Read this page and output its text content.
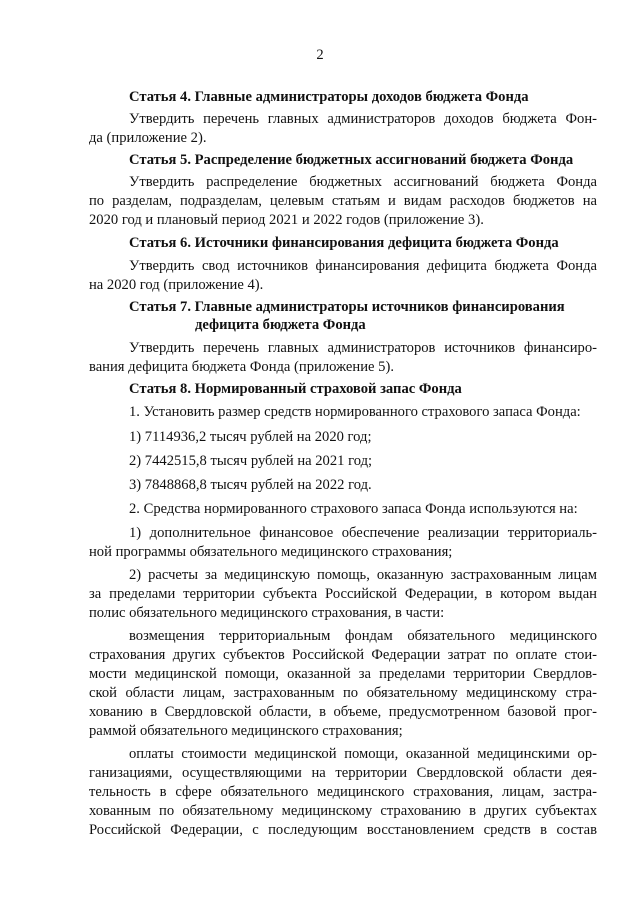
2
Статья 4. Главные администраторы доходов бюджета Фонда
Утвердить перечень главных администраторов доходов бюджета Фон-
да (приложение 2).
Статья 5. Распределение бюджетных ассигнований бюджета Фонда
Утвердить распределение бюджетных ассигнований бюджета Фонда
по разделам, подразделам, целевым статьям и видам расходов бюджетов на
2020 год и плановый период 2021 и 2022 годов (приложение 3).
Статья 6. Источники финансирования дефицита бюджета Фонда
Утвердить свод источников финансирования дефицита бюджета Фонда
на 2020 год (приложение 4).
Статья 7. Главные администраторы источников финансирования
дефицита бюджета Фонда
Утвердить перечень главных администраторов источников финансиро-
вания дефицита бюджета Фонда (приложение 5).
Статья 8. Нормированный страховой запас Фонда
1. Установить размер средств нормированного страхового запаса Фонда:
1) 7114936,2 тысяч рублей на 2020 год;
2) 7442515,8 тысяч рублей на 2021 год;
3) 7848868,8 тысяч рублей на 2022 год.
2. Средства нормированного страхового запаса Фонда используются на:
1) дополнительное финансовое обеспечение реализации территориаль-
ной программы обязательного медицинского страхования;
2) расчеты за медицинскую помощь, оказанную застрахованным лицам
за пределами территории субъекта Российской Федерации, в котором выдан
полис обязательного медицинского страхования, в части:
возмещения территориальным фондам обязательного медицинского
страхования других субъектов Российской Федерации затрат по оплате стои-
мости медицинской помощи, оказанной за пределами территории Свердлов-
ской области лицам, застрахованным по обязательному медицинскому стра-
хованию в Свердловской области, в объеме, предусмотренном базовой прог-
раммой обязательного медицинского страхования;
оплаты стоимости медицинской помощи, оказанной медицинскими ор-
ганизациями, осуществляющими на территории Свердловской области дея-
тельность в сфере обязательного медицинского страхования, лицам, застра-
хованным по обязательному медицинскому страхованию в других субъектах
Российской Федерации, с последующим восстановлением средств в состав
